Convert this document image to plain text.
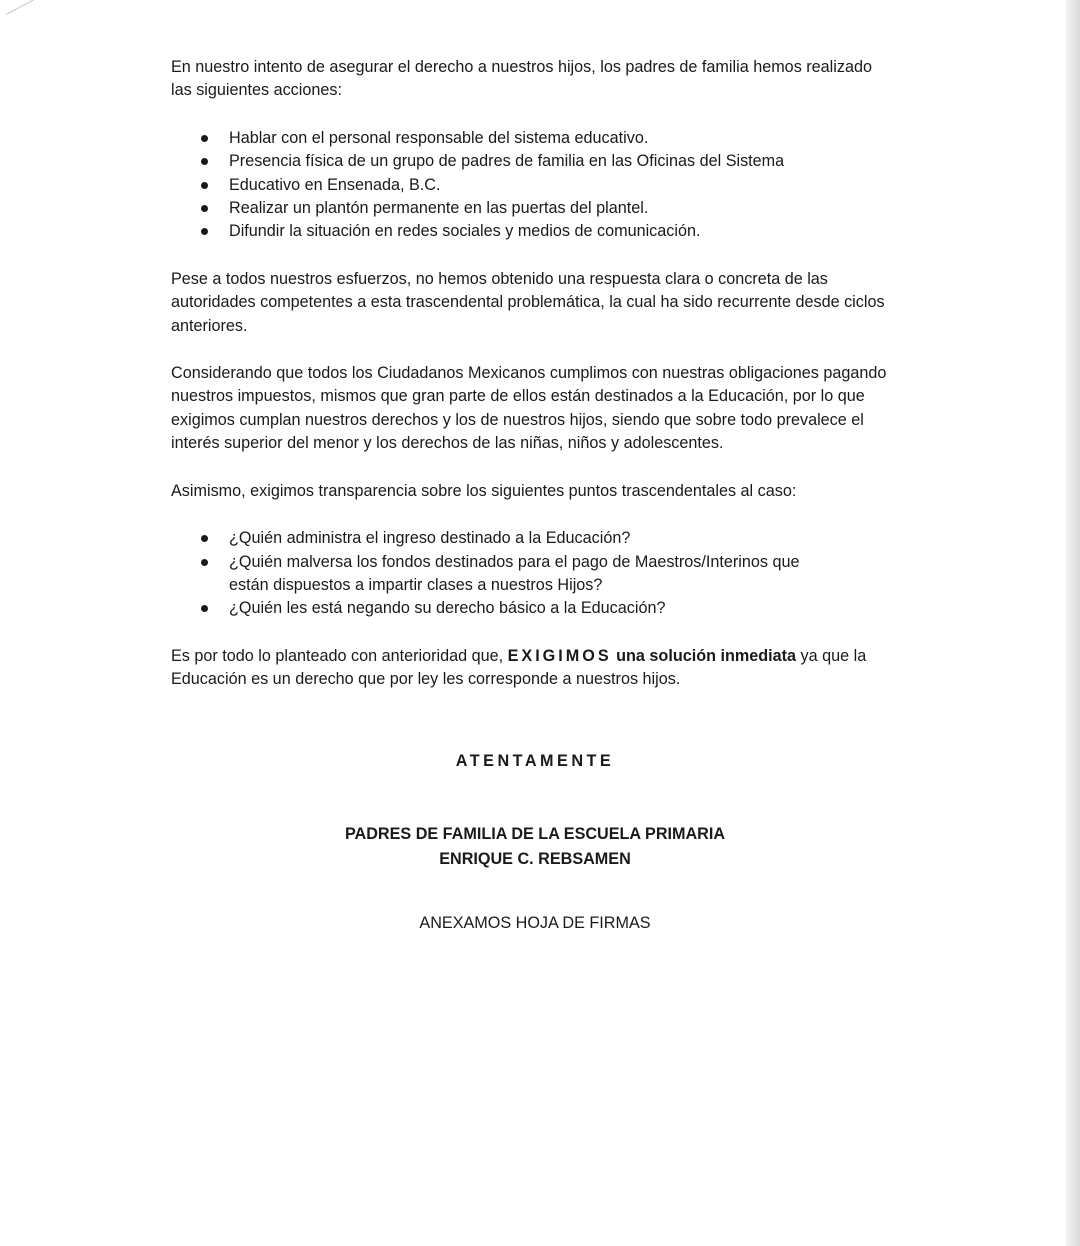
En nuestro intento de asegurar el derecho a nuestros hijos, los padres de familia hemos realizado las siguientes acciones:

Hablar con el personal responsable del sistema educativo.
Presencia física de un grupo de padres de familia en las Oficinas del Sistema
Educativo en Ensenada, B.C.
Realizar un plantón permanente en las puertas del plantel.
Difundir la situación en redes sociales y medios de comunicación.

Pese a todos nuestros esfuerzos, no hemos obtenido una respuesta clara o concreta de las autoridades competentes a esta trascendental problemática, la cual ha sido recurrente desde ciclos anteriores.

Considerando que todos los Ciudadanos Mexicanos cumplimos con nuestras obligaciones pagando nuestros impuestos, mismos que gran parte de ellos están destinados a la Educación, por lo que exigimos cumplan nuestros derechos y los de nuestros hijos, siendo que sobre todo prevalece el interés superior del menor y los derechos de las niñas, niños y adolescentes.

Asimismo, exigimos transparencia sobre los siguientes puntos trascendentales al caso:

¿Quién administra el ingreso destinado a la Educación?
¿Quién malversa los fondos destinados para el pago de Maestros/Interinos que
están dispuestos a impartir clases a nuestros Hijos?
¿Quién les está negando su derecho básico a la Educación?

Es por todo lo planteado con anterioridad que, EXIGIMOS una solución inmediata ya que la Educación es un derecho que por ley les corresponde a nuestros hijos.

ATENTAMENTE
PADRES DE FAMILIA DE LA ESCUELA PRIMARIA
ENRIQUE C. REBSAMEN
ANEXAMOS HOJA DE FIRMAS
